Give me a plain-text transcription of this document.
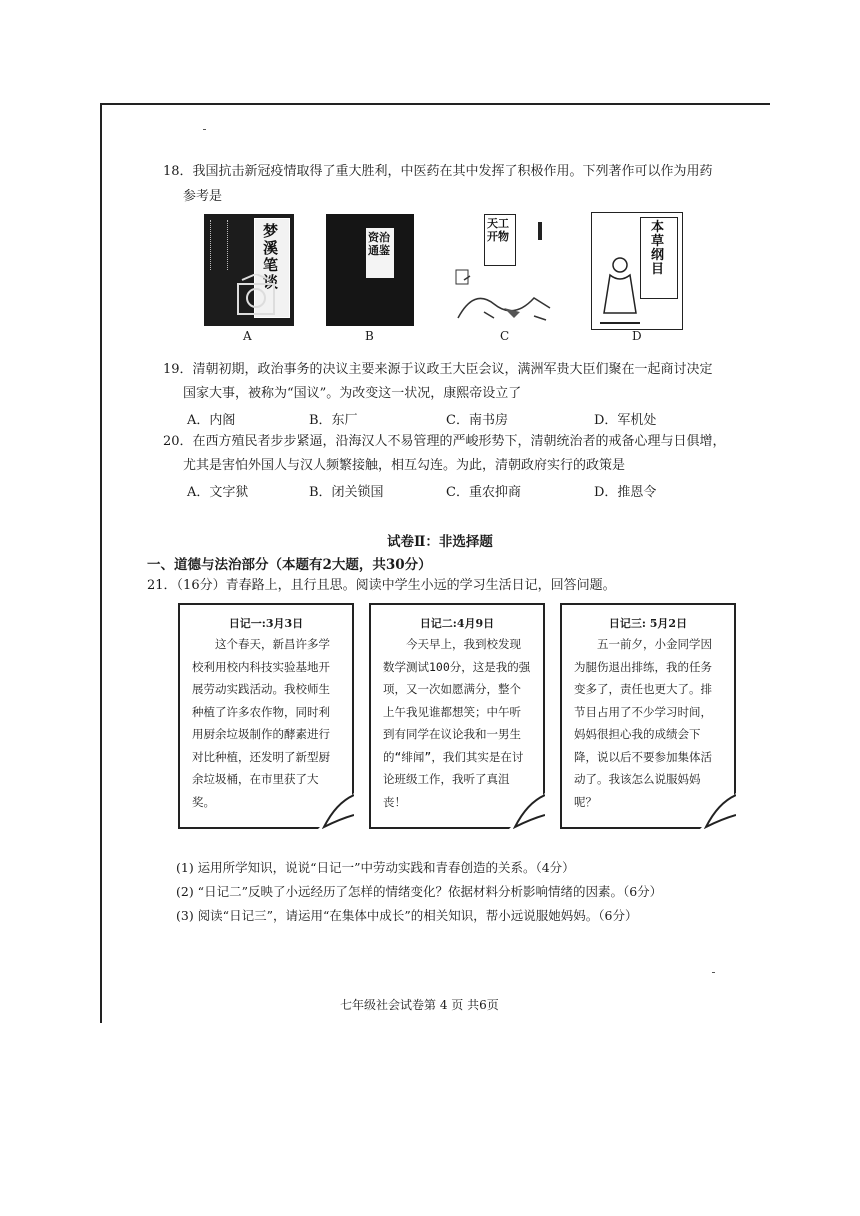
18．我国抗击新冠疫情取得了重大胜利，中医药在其中发挥了积极作用。下列著作可以作为用药
参考是
梦溪笔谈
A
资治通鉴
B
天工开物
C
本草纲目
D
19．清朝初期，政治事务的决议主要来源于议政王大臣会议，满洲军贵大臣们聚在一起商讨决定
国家大事，被称为“国议”。为改变这一状况，康熙帝设立了
A．内阁	B．东厂	C．南书房	D．军机处
20．在西方殖民者步步紧逼，沿海汉人不易管理的严峻形势下，清朝统治者的戒备心理与日俱增，
尤其是害怕外国人与汉人频繁接触，相互勾连。为此，清朝政府实行的政策是
A．文字狱	B．闭关锁国	C．重农抑商	D．推恩令
试卷Ⅱ：非选择题
一、道德与法治部分（本题有2大题，共30分）
21．（16分）青春路上，且行且思。阅读中学生小远的学习生活日记，回答问题。
日记一:3月3日
这个春天，新昌许多学校利用校内科技实验基地开展劳动实践活动。我校师生种植了许多农作物，同时利用厨余垃圾制作的酵素进行对比种植，还发明了新型厨余垃圾桶，在市里获了大奖。
日记二:4月9日
今天早上，我到校发现数学测试100分，这是我的强项，又一次如愿满分，整个上午我见谁都想笑；中午听到有同学在议论我和一男生的“绯闻”，我们其实是在讨论班级工作，我听了真沮丧！
日记三: 5月2日
五一前夕，小金同学因为腿伤退出排练，我的任务变多了，责任也更大了。排节目占用了不少学习时间，妈妈很担心我的成绩会下降，说以后不要参加集体活动了。我该怎么说服妈妈呢？
(1) 运用所学知识，说说“日记一”中劳动实践和青春创造的关系。（4分）
(2) “日记二”反映了小远经历了怎样的情绪变化？依据材料分析影响情绪的因素。（6分）
(3) 阅读“日记三”，请运用“在集体中成长”的相关知识，帮小远说服她妈妈。（6分）
七年级社会试卷第 4 页 共6页
